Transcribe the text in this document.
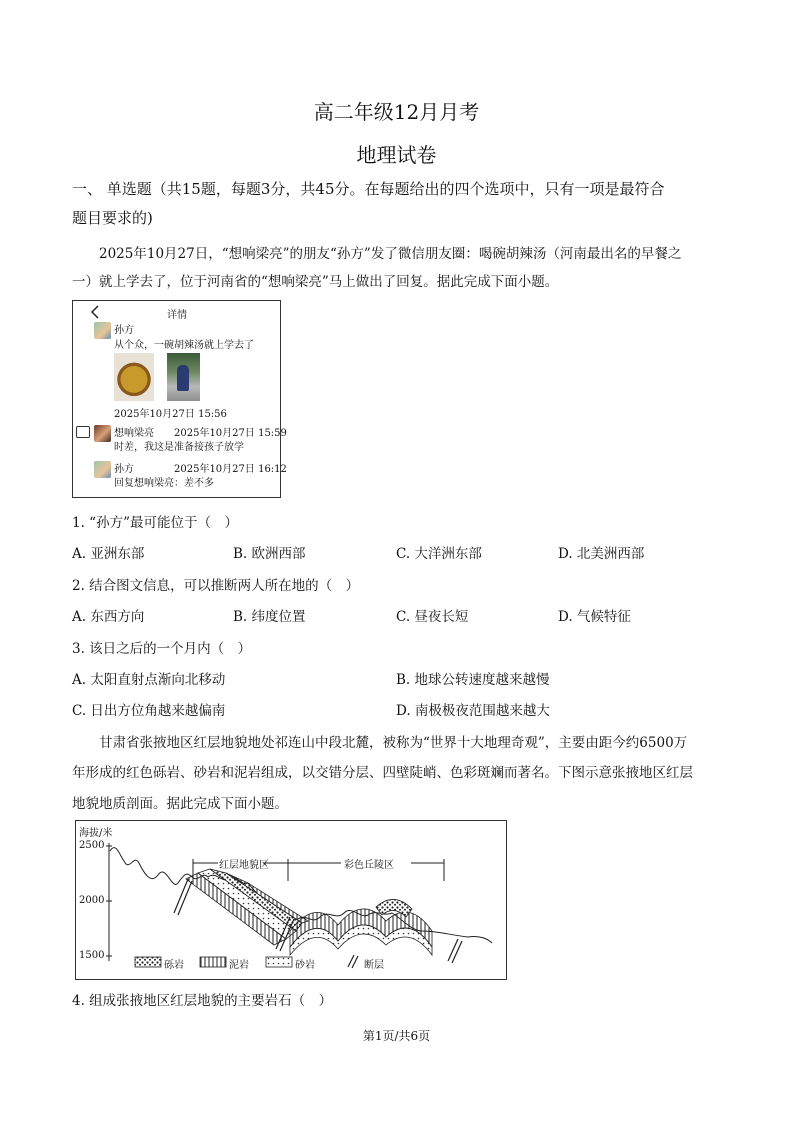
高二年级12月月考
地理试卷
一、 单选题（共15题，每题3分，共45分。在每题给出的四个选项中，只有一项是最符合
题目要求的)
2025年10月27日，“想响梁亮”的朋友“孙方”发了微信朋友圈：喝碗胡辣汤（河南最出名的早餐之
一）就上学去了，位于河南省的“想响梁亮”马上做出了回复。据此完成下面小题。
详情
孙方
从个众，一碗胡辣汤就上学去了
2025年10月27日 15:56
想响梁亮 2025年10月27日 15:59
时差，我这是准备接孩子放学
孙方	2025年10月27日 16:12
回复想响梁亮：差不多
1. “孙方”最可能位于（　）
A. 亚洲东部	B. 欧洲西部	C. 大洋洲东部	D. 北美洲西部
2. 结合图文信息，可以推断两人所在地的（　）
A. 东西方向	B. 纬度位置	C. 昼夜长短	D. 气候特征
3. 该日之后的一个月内（　）
A. 太阳直射点渐向北移动	B. 地球公转速度越来越慢
C. 日出方位角越来越偏南	D. 南极极夜范围越来越大
甘肃省张掖地区红层地貌地处祁连山中段北麓，被称为“世界十大地理奇观”，主要由距今约6500万
年形成的红色砾岩、砂岩和泥岩组成，以交错分层、四壁陡峭、色彩斑斓而著名。下图示意张掖地区红层
地貌地质剖面。据此完成下面小题。
海拔/米
2500
2000
1500
红层地貌区	彩色丘陵区
砾岩	泥岩	砂岩	断层
4. 组成张掖地区红层地貌的主要岩石（　）
第1页/共6页
